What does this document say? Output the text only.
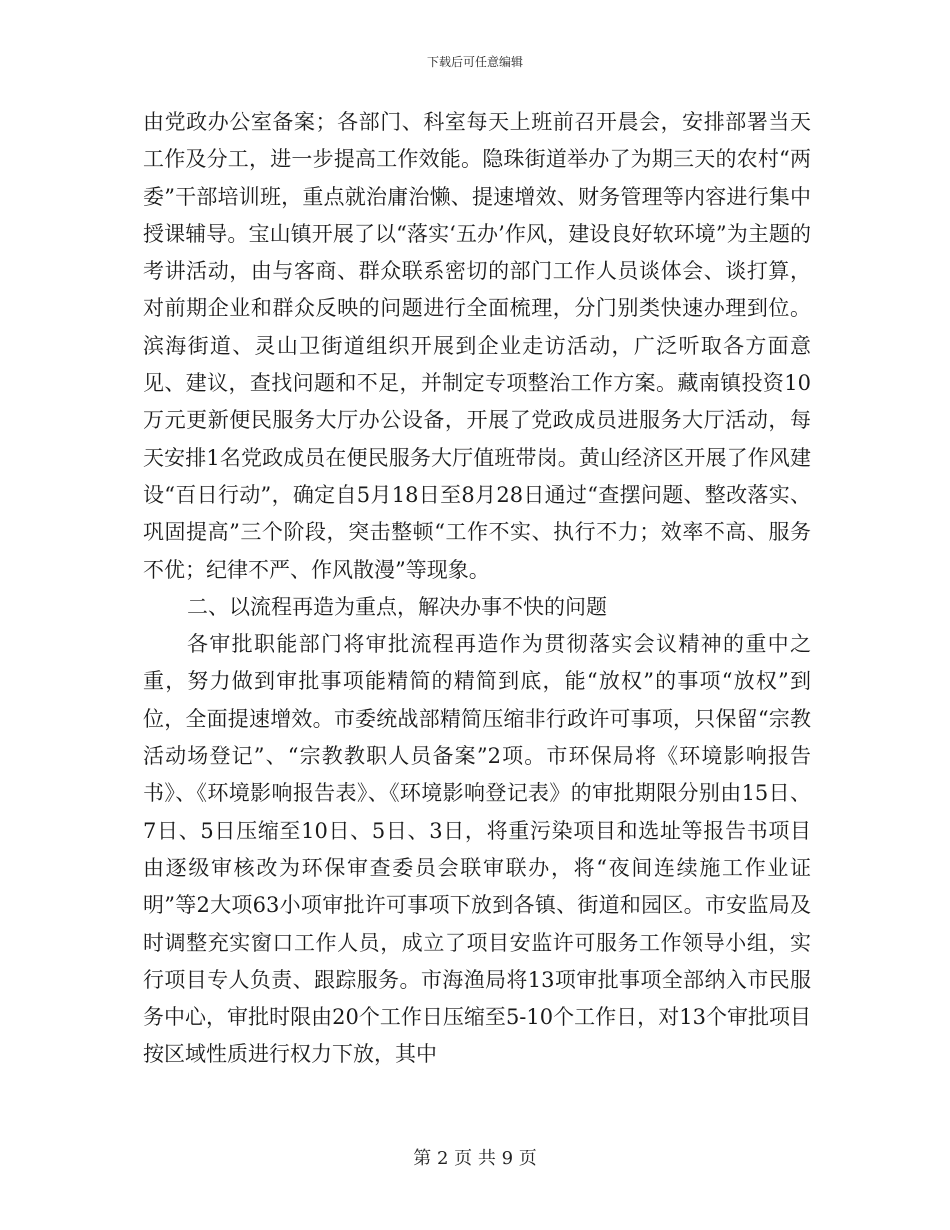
下载后可任意编辑

由党政办公室备案；各部门、科室每天上班前召开晨会，安排部署当天工作及分工，进一步提高工作效能。隐珠街道举办了为期三天的农村“两委”干部培训班，重点就治庸治懒、提速增效、财务管理等内容进行集中授课辅导。宝山镇开展了以“落实‘五办’作风，建设良好软环境”为主题的考讲活动，由与客商、群众联系密切的部门工作人员谈体会、谈打算，对前期企业和群众反映的问题进行全面梳理，分门别类快速办理到位。滨海街道、灵山卫街道组织开展到企业走访活动，广泛听取各方面意见、建议，查找问题和不足，并制定专项整治工作方案。藏南镇投资10万元更新便民服务大厅办公设备，开展了党政成员进服务大厅活动，每天安排1名党政成员在便民服务大厅值班带岗。黄山经济区开展了作风建设“百日行动”，确定自5月18日至8月28日通过“查摆问题、整改落实、巩固提高”三个阶段，突击整顿“工作不实、执行不力；效率不高、服务不优；纪律不严、作风散漫”等现象。

二、以流程再造为重点，解决办事不快的问题

各审批职能部门将审批流程再造作为贯彻落实会议精神的重中之重，努力做到审批事项能精简的精简到底，能“放权”的事项“放权”到位，全面提速增效。市委统战部精简压缩非行政许可事项，只保留“宗教活动场登记”、“宗教教职人员备案”2项。市环保局将《环境影响报告书》、《环境影响报告表》、《环境影响登记表》的审批期限分别由15日、7日、5日压缩至10日、5日、3日，将重污染项目和选址等报告书项目由逐级审核改为环保审查委员会联审联办，将“夜间连续施工作业证明”等2大项63小项审批许可事项下放到各镇、街道和园区。市安监局及时调整充实窗口工作人员，成立了项目安监许可服务工作领导小组，实行项目专人负责、跟踪服务。市海渔局将13项审批事项全部纳入市民服务中心，审批时限由20个工作日压缩至5-10个工作日，对13个审批项目按区域性质进行权力下放，其中

第 2 页 共 9 页
